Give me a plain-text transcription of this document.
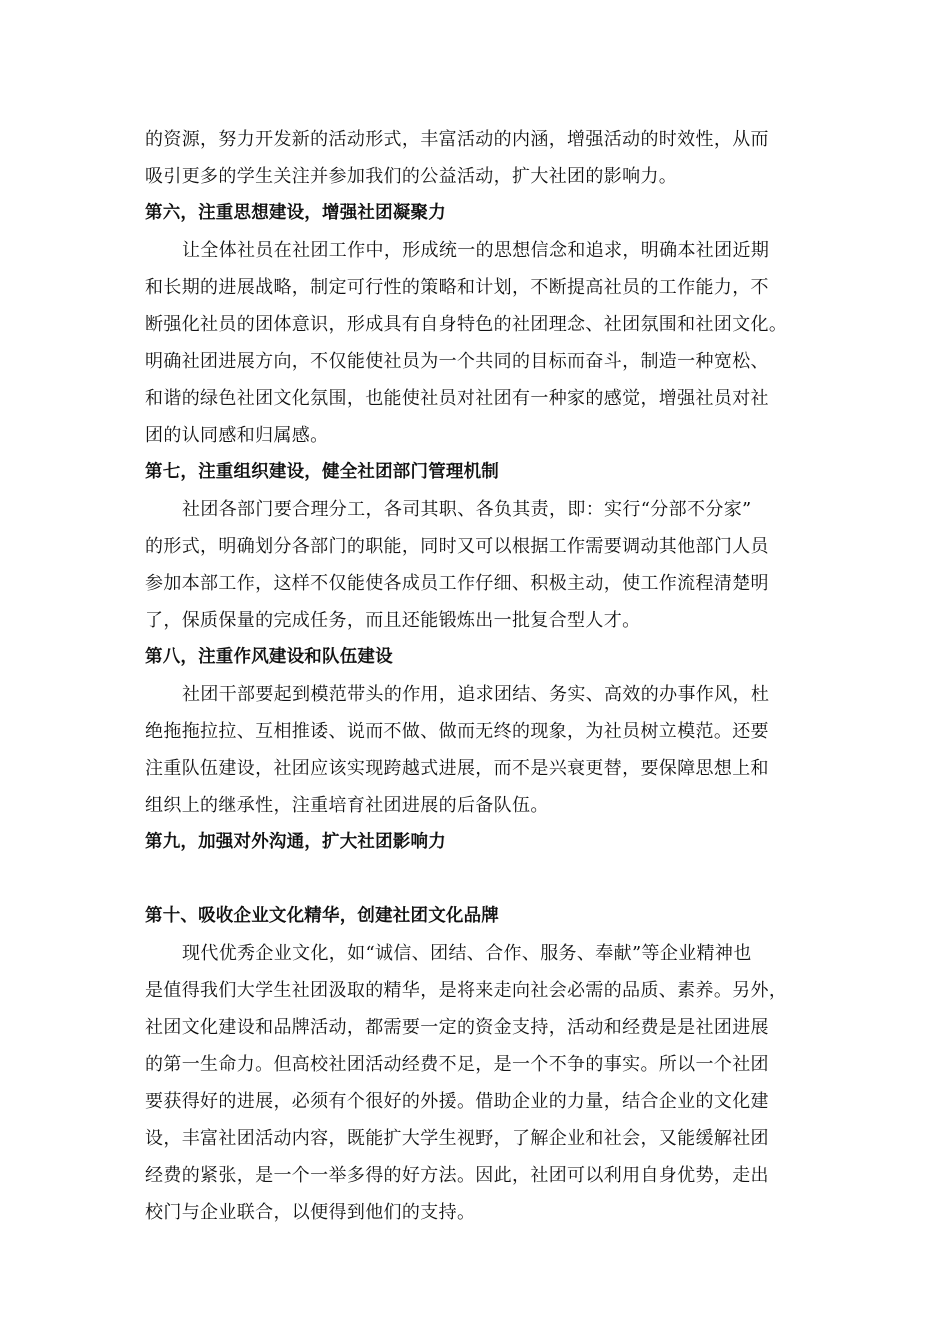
的资源，努力开发新的活动形式，丰富活动的内涵，增强活动的时效性，从而
吸引更多的学生关注并参加我们的公益活动，扩大社团的影响力。
第六，注重思想建设，增强社团凝聚力
让全体社员在社团工作中，形成统一的思想信念和追求，明确本社团近期
和长期的进展战略，制定可行性的策略和计划，不断提高社员的工作能力，不
断强化社员的团体意识，形成具有自身特色的社团理念、社团氛围和社团文化。
明确社团进展方向，不仅能使社员为一个共同的目标而奋斗，制造一种宽松、
和谐的绿色社团文化氛围，也能使社员对社团有一种家的感觉，增强社员对社
团的认同感和归属感。
第七，注重组织建设，健全社团部门管理机制
社团各部门要合理分工，各司其职、各负其责，即：实行“分部不分家”
的形式，明确划分各部门的职能，同时又可以根据工作需要调动其他部门人员
参加本部工作，这样不仅能使各成员工作仔细、积极主动，使工作流程清楚明
了，保质保量的完成任务，而且还能锻炼出一批复合型人才。
第八，注重作风建设和队伍建设
社团干部要起到模范带头的作用，追求团结、务实、高效的办事作风，杜
绝拖拖拉拉、互相推诿、说而不做、做而无终的现象，为社员树立模范。还要
注重队伍建设，社团应该实现跨越式进展，而不是兴衰更替，要保障思想上和
组织上的继承性，注重培育社团进展的后备队伍。
第九，加强对外沟通，扩大社团影响力
第十、吸收企业文化精华，创建社团文化品牌
现代优秀企业文化，如“诚信、团结、合作、服务、奉献”等企业精神也
是值得我们大学生社团汲取的精华，是将来走向社会必需的品质、素养。另外，
社团文化建设和品牌活动，都需要一定的资金支持，活动和经费是是社团进展
的第一生命力。但高校社团活动经费不足，是一个不争的事实。所以一个社团
要获得好的进展，必须有个很好的外援。借助企业的力量，结合企业的文化建
设，丰富社团活动内容，既能扩大学生视野，了解企业和社会，又能缓解社团
经费的紧张，是一个一举多得的好方法。因此，社团可以利用自身优势，走出
校门与企业联合，以便得到他们的支持。
